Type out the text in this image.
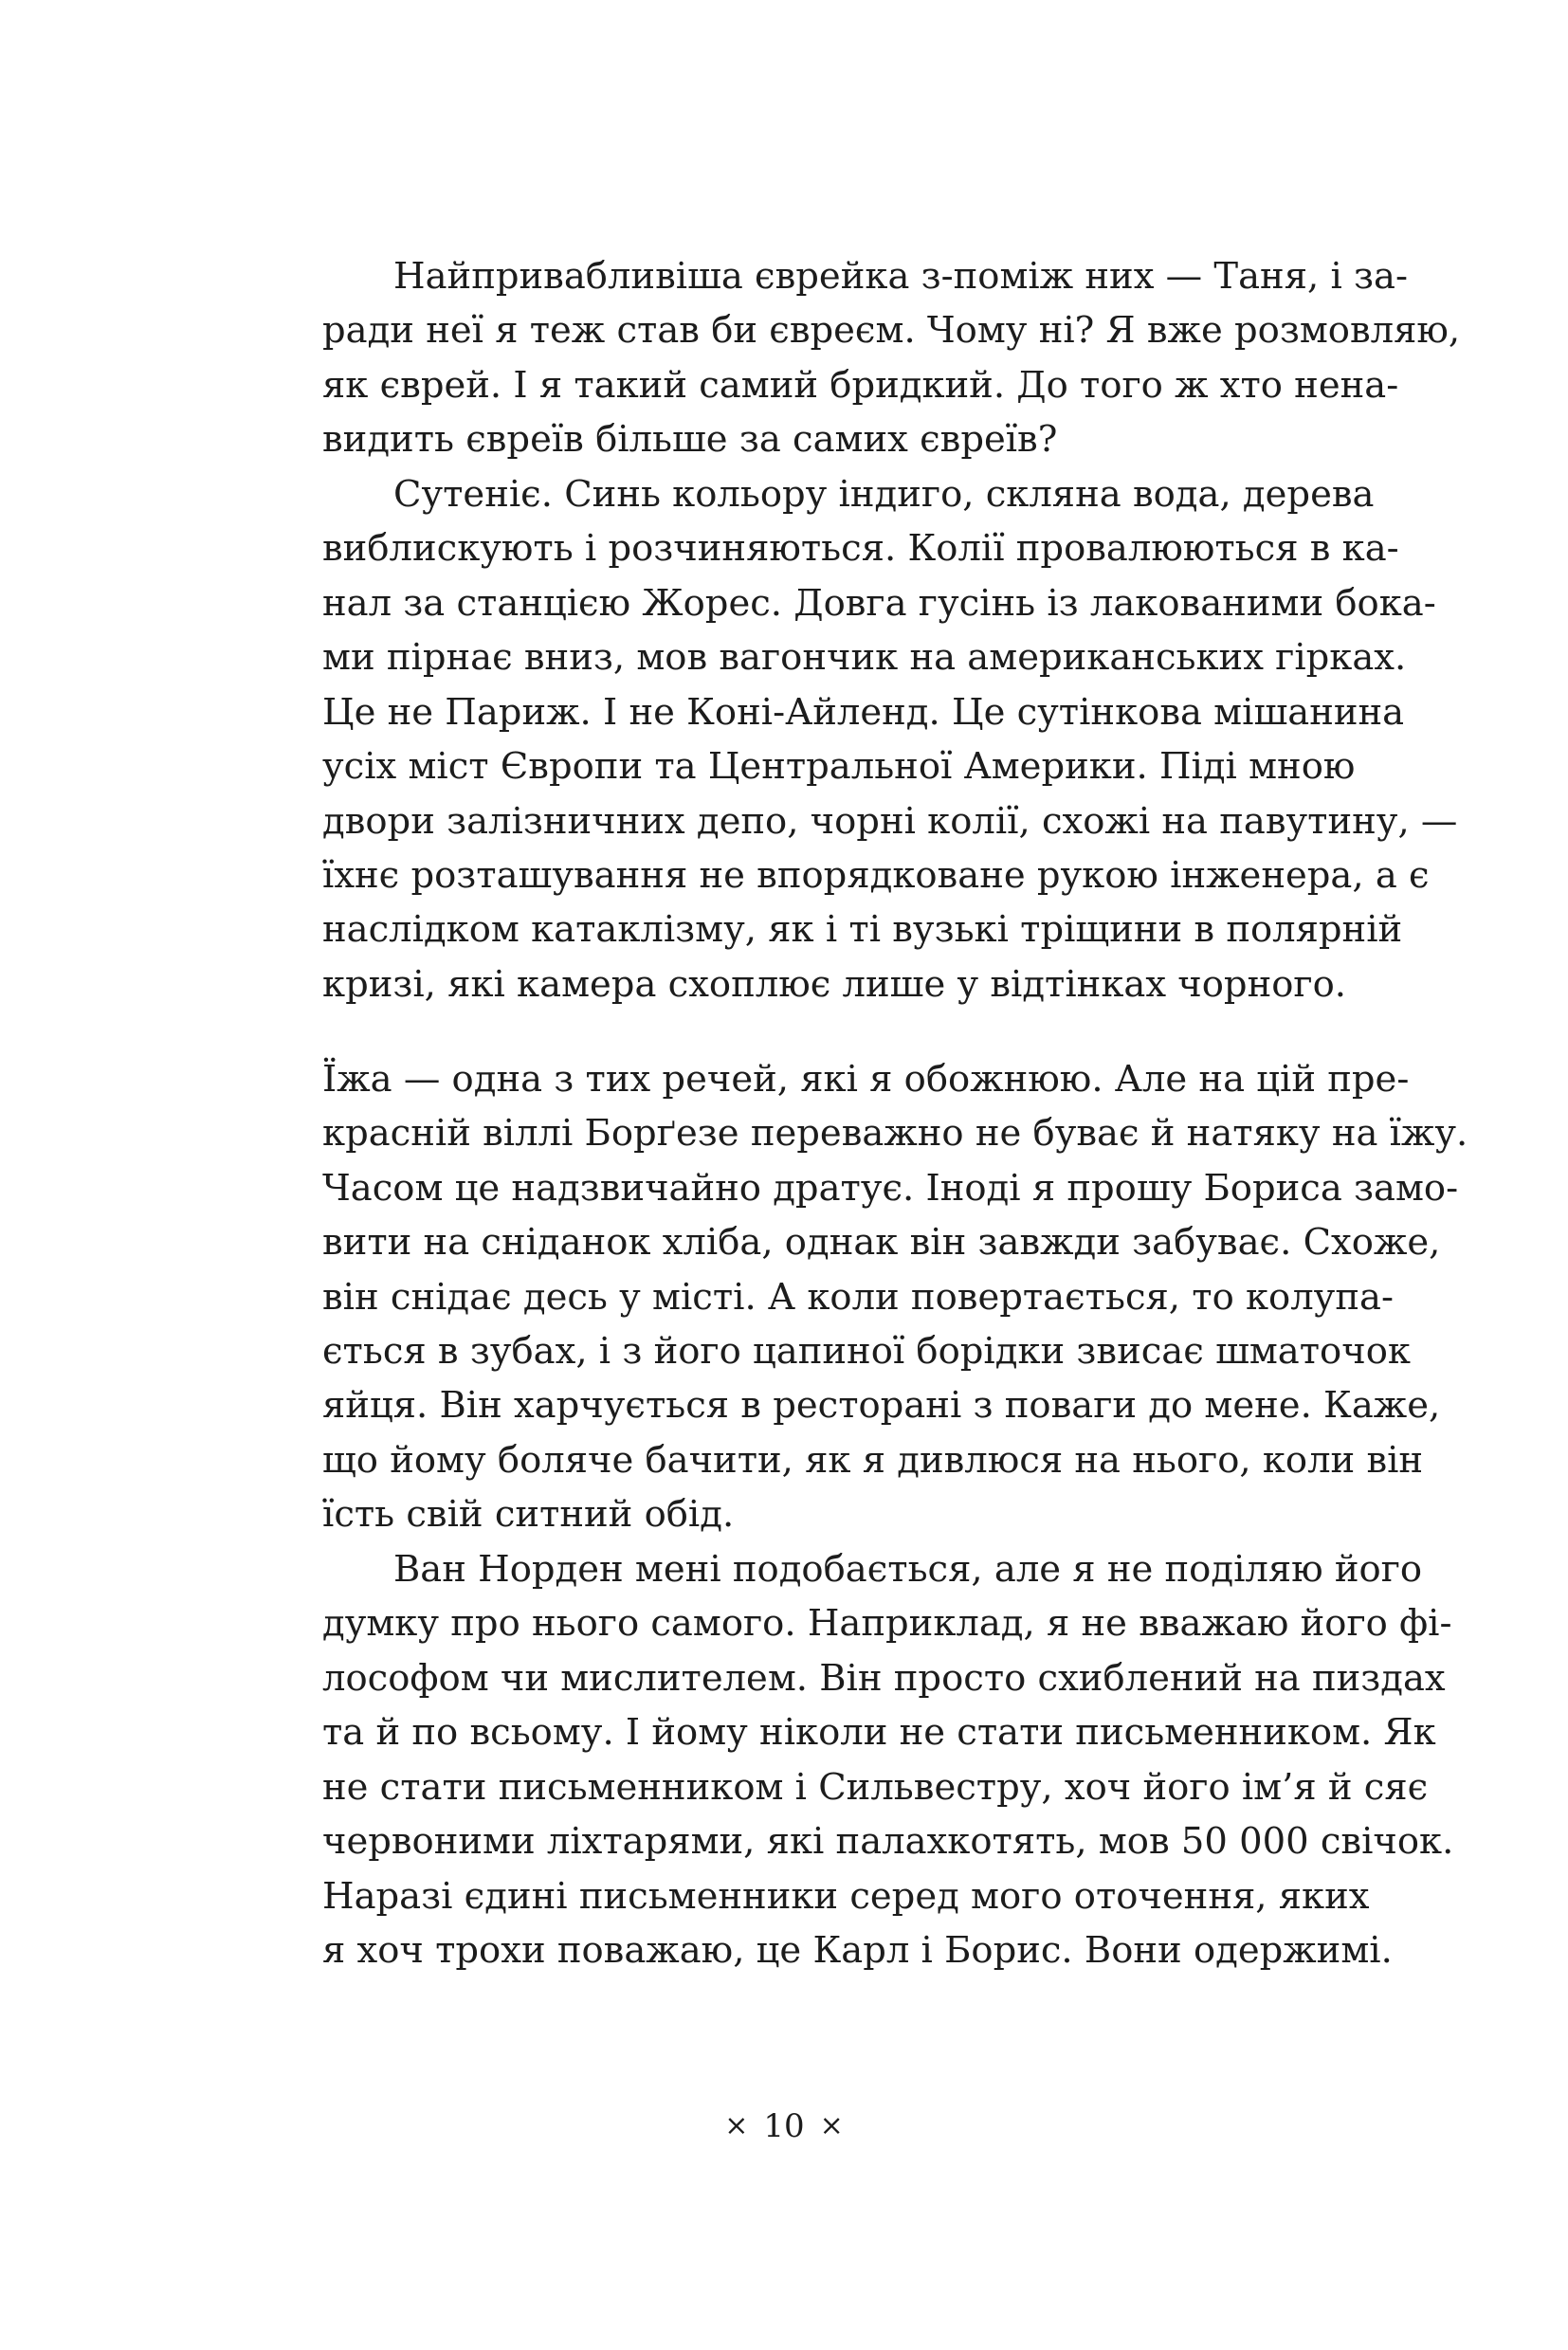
Найпривабливіша єврейка з-поміж них — Таня, і за-
ради неї я теж став би євреєм. Чому ні? Я вже розмовляю,
як єврей. І я такий самий бридкий. До того ж хто нена-
видить євреїв більше за самих євреїв?
Сутеніє. Синь кольору індиго, скляна вода, дерева
виблискують і розчиняються. Колії провалюються в ка-
нал за станцією Жорес. Довга гусінь із лакованими бока-
ми пірнає вниз, мов вагончик на американських гірках.
Це не Париж. І не Коні-Айленд. Це сутінкова мішанина
усіх міст Європи та Центральної Америки. Піді мною
двори залізничних депо, чорні колії, схожі на павутину, —
їхнє розташування не впорядковане рукою інженера, а є
наслідком катаклізму, як і ті вузькі тріщини в полярній
кризі, які камера схоплює лише у відтінках чорного.
Їжа — одна з тих речей, які я обожнюю. Але на цій пре-
красній віллі Борґезе переважно не буває й натяку на їжу.
Часом це надзвичайно дратує. Іноді я прошу Бориса замо-
вити на сніданок хліба, однак він завжди забуває. Схоже,
він снідає десь у місті. А коли повертається, то колупа-
ється в зубах, і з його цапиної борідки звисає шматочок
яйця. Він харчується в ресторані з поваги до мене. Каже,
що йому боляче бачити, як я дивлюся на нього, коли він
їсть свій ситний обід.
Ван Норден мені подобається, але я не поділяю його
думку про нього самого. Наприклад, я не вважаю його фі-
лософом чи мислителем. Він просто схиблений на пиздах
та й по всьому. І йому ніколи не стати письменником. Як
не стати письменником і Сильвестру, хоч його ім’я й сяє
червоними ліхтарями, які палахкотять, мов 50 000 свічок.
Наразі єдині письменники серед мого оточення, яких
я хоч трохи поважаю, це Карл і Борис. Вони одержимі.
× 10 ×
